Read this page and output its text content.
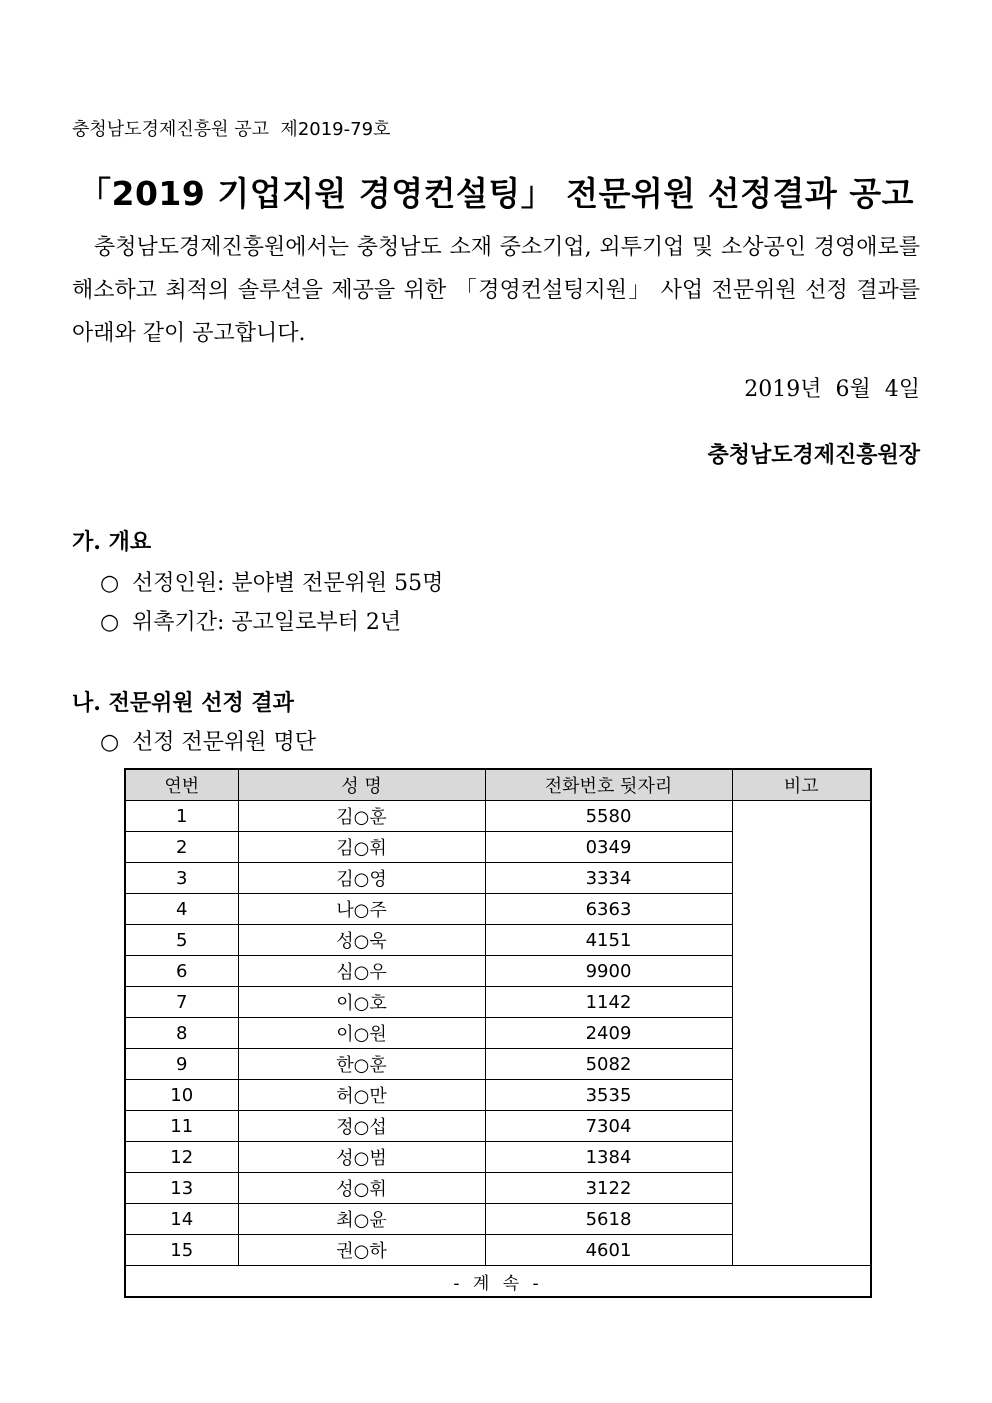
충청남도경제진흥원 공고  제2019-79호
「2019 기업지원 경영컨설팅」 전문위원 선정결과 공고
충청남도경제진흥원에서는 충청남도 소재 중소기업, 외투기업 및 소상공인 경영애로를 해소하고 최적의 솔루션을 제공을 위한 「경영컨설팅지원」 사업 전문위원 선정 결과를 아래와 같이 공고합니다.
2019년  6월  4일
충청남도경제진흥원장
가. 개요
○ 선정인원: 분야별 전문위원 55명
○ 위촉기간: 공고일로부터 2년
나. 전문위원 선정 결과
○ 선정 전문위원 명단
연번	성 명	전화번호 뒷자리	비고
1	김○훈	5580	
2	김○휘	0349	
3	김○영	3334	
4	나○주	6363	
5	성○욱	4151	
6	심○우	9900	
7	이○호	1142	
8	이○원	2409	
9	한○훈	5082	
10	허○만	3535	
11	정○섭	7304	
12	성○범	1384	
13	성○휘	3122	
14	최○윤	5618	
15	권○하	4601	
- 계 속 -			
